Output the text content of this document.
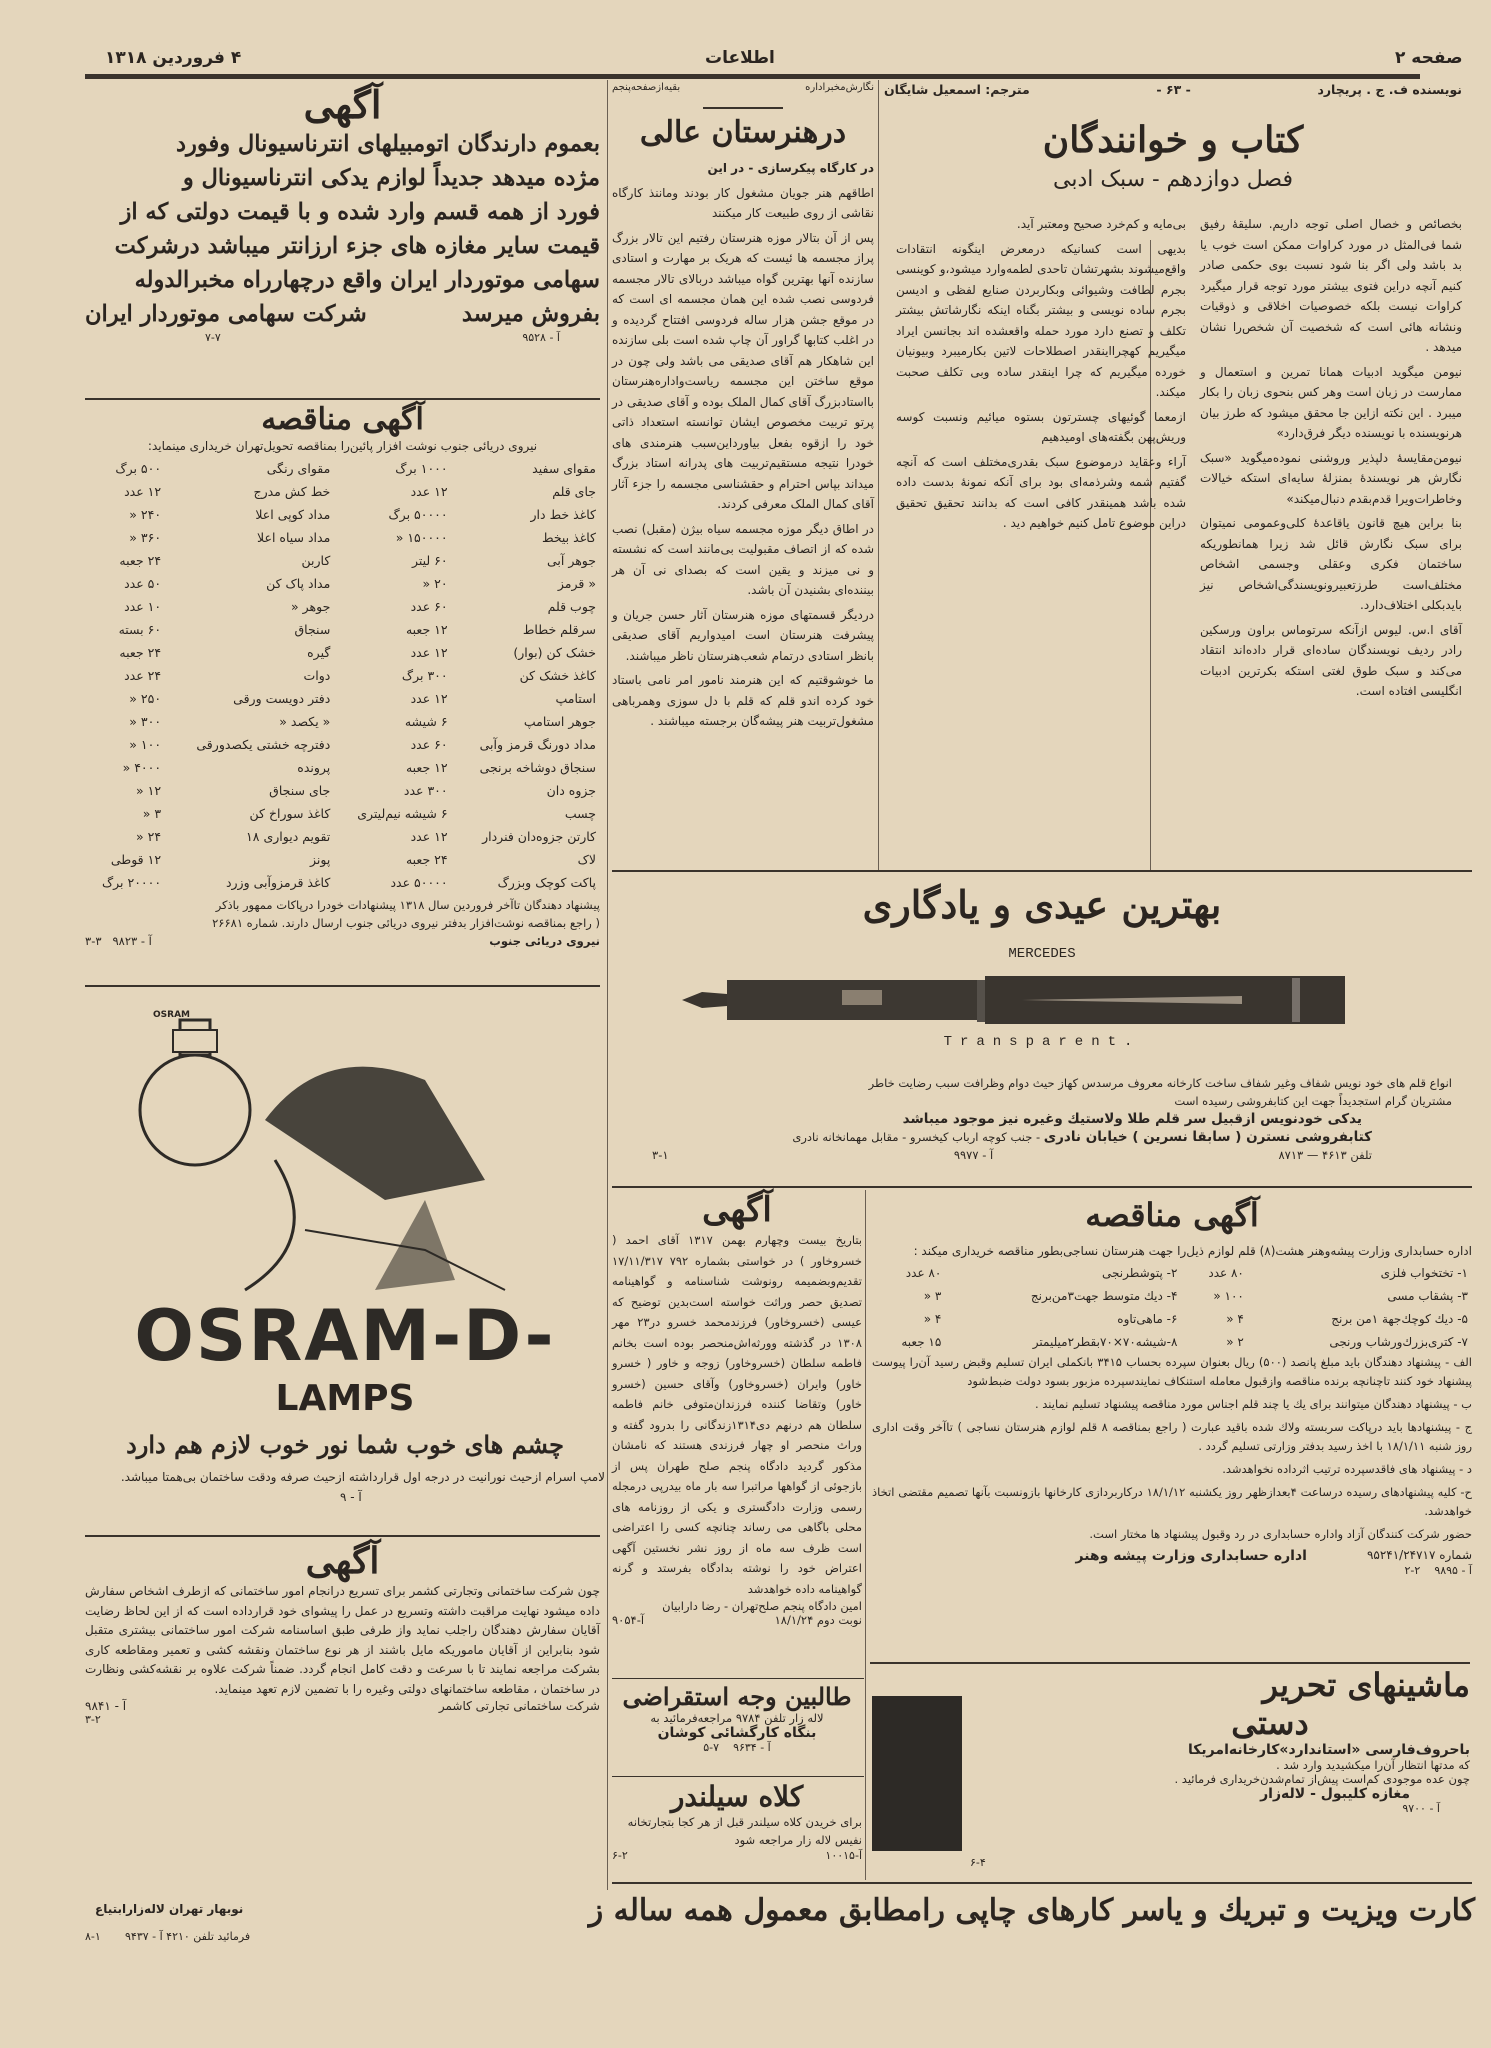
۴ فروردین ۱۳۱۸	اطلاعات	صفحه ۲
آگهی
بعموم دارندگان اتومبیلهای انترناسیونال وفورد
مژده میدهد جدیداً لوازم یدکی انترناسیونال و
فورد از همه قسم وارد شده و با قیمت دولتی که از
قیمت سایر مغازه های جزء ارزانتر میباشد درشرکت
سهامی موتوردار ایران واقع درچهارراه مخبرالدوله
بفروش میرسد
شرکت سهامی موتوردار ایران
آ - ۹۵۲۸
۷-۷
آگهی مناقصه
نیروی دریائی جنوب نوشت افزار پائین‌را بمناقصه تحویل‌تهران خریداری مینماید:
مقوای سفید	۱۰۰۰ برگ	مقوای رنگی	۵۰۰ برگ
جای قلم	۱۲ عدد	خط کش مدرج	۱۲ عدد
کاغذ خط دار	۵۰۰۰۰ برگ	مداد کوپی اعلا	۲۴۰ «
کاغذ بیخط	۱۵۰۰۰۰ «	مداد سیاه اعلا	۳۶۰ «
جوهر آبی	۶۰ لیتر	کاربن	۲۴ جعبه
« قرمز	۲۰ «	مداد پاک کن	۵۰ عدد
چوب قلم	۶۰ عدد	جوهر «	۱۰ عدد
سرقلم خطاط	۱۲ جعبه	سنجاق	۶۰ بسته
خشک کن (بوار)	۱۲ عدد	گیره	۲۴ جعبه
کاغذ خشک کن	۳۰۰ برگ	دوات	۲۴ عدد
استامپ	۱۲ عدد	دفتر دویست ورقی	۲۵۰ «
جوهر استامپ	۶ شیشه	« یکصد «	۳۰۰ «
مداد دورنگ قرمز وآبی	۶۰ عدد	دفترچه خشتی یکصدورقی	۱۰۰ «
سنجاق دوشاخه برنجی	۱۲ جعبه	پرونده	۴۰۰۰ «
جزوه دان	۳۰۰ عدد	جای سنجاق	۱۲ «
چسب	۶ شیشه نیم‌لیتری	کاغذ سوراخ کن	۳ «
کارتن جزوه‌دان فنردار	۱۲ عدد	تقویم دیواری ۱۸	۲۴ «
لاک	۲۴ جعبه	پونز	۱۲ قوطی
پاکت کوچک وبزرگ	۵۰۰۰۰ عدد	کاغذ قرمزوآبی وزرد	۲۰۰۰۰ برگ
پیشنهاد دهندگان تاآخر فروردین سال ۱۳۱۸ پیشنهادات خودرا درپاکات ممهور باذکر
( راجع بمناقصه نوشت‌افزار بدفتر نیروی دریائی جنوب ارسال دارند. شماره ۲۶۶۸۱
نیروی دریائی جنوب
آ - ۹۸۲۳   ۳-۳
OSRAM
OSRAM-D-
LAMPS
چشم های خوب شما نور خوب لازم هم دارد
لامپ اسرام ازحیث نورانیت در درجه اول قرارداشته ازحیث صرفه ودقت ساختمان بی‌همتا میباشد.
آ - ۹
آگهی
چون شرکت ساختمانی وتجارتی کشمر برای تسریع درانجام امور ساختمانی که ازطرف اشخاص سفارش داده میشود نهایت مراقبت داشته وتسریع در عمل را پیشوای خود قرارداده است که از این لحاظ رضایت آقایان سفارش دهندگان راجلب نماید واز طرفی طبق اساسنامه شرکت امور ساختمانی بیشتری متقبل شود بنابراین از آقایان ماموریکه مایل باشند از هر نوع ساختمان ونقشه کشی و تعمیر ومقاطعه کاری بشرکت مراجعه نمایند تا با سرعت و دقت کامل انجام گردد. ضمناً شرکت علاوه بر نقشه‌کشی ونظارت در ساختمان ، مقاطعه ساختمانهای دولتی وغیره را با تضمین لازم تعهد مینماید.
شرکت ساختمانی تجارتی کاشمر
آ - ۹۸۴۱
۳-۲
نگارش‌مخبراداره
بقیه‌ازصفحه‌پنجم
درهنرستان عالی

در کارگاه پیکرسازی - در این

اطاقهم هنر جویان مشغول کار بودند وماننذ کارگاه نقاشی از روی طبیعت کار میکنند

پس از آن بتالار موزه هنرستان رفتیم این تالار بزرگ پراز مجسمه ها ئیست که هریک بر مهارت و استادی سازنده آنها بهترین گواه میباشد دربالای تالار مجسمه فردوسی نصب شده این همان مجسمه ای است که در موقع جشن هزار ساله فردوسی افتتاح گردیده و در اغلب کتابها گراور آن چاپ شده است بلی سازنده این شاهکار هم آقای صدیقی می باشد ولی چون در موقع ساختن این مجسمه ریاست‌واداره‌هنرستان بااستادبزرگ آقای کمال الملک بوده و آقای صدیقی در پرتو تربیت مخصوص ایشان توانسته استعداد ذاتی خود را ازقوه بفعل بیاورداین‌سبب هنرمندی های خودرا نتیجه مستقیم‌تربیت های پدرانه استاد بزرگ میداند بپاس احترام و حقشناسی مجسمه را جزء آثار آقای کمال الملک معرفی کردند.

در اطاق دیگر موزه مجسمه سیاه بیژن (مقبل) نصب شده که از اتصاف مقبولیت بی‌مانند است که نشسته و نی میزند و یقین است که بصدای نی آن هر بیننده‌ای بشنیدن آن باشد.

دردیگر قسمتهای موزه هنرستان آثار حسن جریان و پیشرفت هنرستان است امیدواریم آقای صدیقی بانظر استادی درتمام شعب‌هنرستان ناظر میباشند.

ما خوشوقتیم که این هنرمند نامور امر نامی باستاد خود کرده اندو قلم که قلم با دل سوزی وهمرباهی مشغول‌تربیت هنر پیشه‌گان برجسته میباشند .

نویسنده ف. ج . پریچارد
- ۶۳ -
مترجم: اسمعیل شایگان
کتاب و خوانندگان
فصل دوازدهم - سبک ادبی

بخصائص و خصال اصلی توجه داریم. سلیقهٔ رفیق شما فی‌المثل در مورد کراوات ممکن است خوب یا بد باشد ولی اگر بنا شود نسبت بوی حکمی صادر کنیم آنچه دراین فتوی بیشتر مورد توجه قرار میگیرد کراوات نیست بلکه خصوصیات اخلاقی و ذوقیات ونشانه هائی است که شخصیت آن شخص‌را نشان میدهد .

نیومن میگوید ادبیات همانا تمرین و استعمال و ممارست در زبان است وهر کس بنحوی زبان را بکار میبرد . این نکته ازاین جا محقق میشود که طرز بیان هرنویسنده با نویسنده دیگر فرق‌دارد»

نیومن‌مقایسهٔ دلپذیر وروشنی نموده‌میگوید «سبک نگارش هر نویسندهٔ بمنزلهٔ سایه‌ای استکه خیالات وخاطرات‌ویرا قدم‌بقدم دنبال‌میکند»

بنا براین هیچ قانون یاقاعدهٔ کلی‌وعمومی نمیتوان برای سبک نگارش قائل شد زیرا همانطوریکه ساختمان فکری وعقلی وجسمی اشخاص مختلف‌است طرزتعبیرونویسندگی‌اشخاص نیز بایدبکلی اختلاف‌دارد.

آقای ا.س. لیوس ازآنکه سرتوماس براون ورسکین رادر ردیف نویسندگان ساده‌ای قرار داده‌اند انتقاد می‌کند و سبک طوق لغتی استکه بکرترین ادبیات انگلیسی افتاده است.

بی‌مایه و کم‌خرد صحیح ومعتبر آید.

بدیهی است کسانیکه درمعرض اینگونه انتقادات واقع‌میشوند بشهرتشان تاحدی لطمه‌وارد میشود،و کوینسی بجرم لطافت وشیوائی وبکاربردن صنایع لفظی و ادیسن بجرم ساده نویسی و بیشتر بگناه اینکه نگارشاتش بیشتر تکلف و تصنع دارد مورد حمله واقعشده اند بجانسن ایراد میگیریم کهچرااینقدر اصطلاحات لاتین بکارمیبرد وبیونیان خورده میگیریم که چرا اینقدر ساده وبی تکلف صحبت میکند.

ازمعما گوئیهای چسترتون بستوه میائیم ونسبت کوسه وریش‌پهن بگفته‌های اومیدهیم

آراء وعقاید درموضوع سبک بقدری‌مختلف است که آنچه گفتیم شمه وشرذمه‌ای بود برای آنکه نمونهٔ بدست داده شده باشد همینقدر کافی است که بدانند تحقیق تحقیق دراین موضوع تامل کنیم خواهیم دید .

بهترین عیدی و یادگاری
MERCEDES
Transparent.
انواع قلم های خود نویس شفاف وغیر شفاف ساخت کارخانه معروف مرسدس کهاز حیث دوام وظرافت سبب رضایت خاطر
مشتریان گرام استجدیداً جهت این کتابفروشی رسیده است
یدکی خودنویس ازقبیل سر قلم طلا ولاستیك وغیره نیز موجود میباشد
کتابفروشی نسترن ( سابقا نسرین ) خیابان نادری - جنب کوچه ارباب کیخسرو - مقابل مهمانخانه نادری
تلفن ۴۶۱۳ — ۸۷۱۳
آ - ۹۹۷۷
۳-۱
آگهی
بتاریخ بیست وچهارم بهمن ۱۳۱۷ آقای احمد ( خسروخاور ) در خواستی بشماره ۷۹۲ ‌۱۷/۱۱/۳۱۷ تقدیم‌وبضمیمه رونوشت شناسنامه و گواهینامه تصدیق حصر وراثت خواسته است‌بدین توضیح که عیسی (خسروخاور) فرزند‌محمد خسرو در۲۳ مهر ۱۳۰۸ در گذشته وورثه‌اش‌منحصر بوده است بخانم فاطمه سلطان (خسروخاور) زوجه و خاور ( خسرو خاور) وایران (خسروخاور) وآقای حسین (خسرو خاور) وتقاضا کننده فرزندان‌متوفی خانم فاطمه سلطان هم درنهم دی‌۱۳۱۴زندگانی را بدرود گفته و وراث منحصر او چهار فرزندی هستند که نامشان مذکور گردید دادگاه پنجم صلح طهران پس از بازجوئی از گواهها مراتبرا سه بار ماه بیدرپی درمجله رسمی وزارت دادگستری و یکی از روزنامه های محلی باگاهی می رساند چنانچه کسی را اعتراضی است ظرف سه ماه از روز نشر نخستین آگهی اعتراض خود را نوشته بدادگاه بفرستد و گرنه گواهینامه داده خواهدشد
امین دادگاه پنجم صلح‌تهران - رضا دارابیان
نوبت دوم ۱۸/۱/۲۴
آ-۹۰۵۴
طالبین وجه استقراضی
لاله زار تلفن ۹۷۸۴ مراجعه‌فرمائید به
بنگاه کارگشائی کوشان
آ - ۹۶۳۴    ۷-۵
کلاه سیلندر
برای خریدن کلاه سیلندر قبل از هر کجا بتجارتخانه نفیس لاله زار مراجعه شود
آ-۱۰۰۱۵
۶-۲
آگهی مناقصه
اداره حسابداری وزارت پیشه‌وهنر هشت(۸) قلم لوازم ذیل‌را جهت هنرستان نساجی‌بطور مناقصه خریداری میکند :
۱- تختخواب فلزی	۸۰ عدد	۲- پتوشطرنجی	۸۰ عدد
۳- پشقاب مسی	۱۰۰ «	۴- دیك متوسط جهت۳من‌برنج	۳ «
۵- دیك کوچك‌جهة ۱من برنج	۴ «	۶- ماهی‌تاوه	۴ «
۷- کتری‌بزرك‌ورشاب ورنجی	۲ «	۸-شیشه۷۰×۷۰بقطر۲میلیمتر	۱۵ جعبه

الف - پیشنهاد دهندگان باید مبلغ پانصد (۵۰۰) ریال بعنوان سپرده بحساب ۳۴۱۵ بانکملی ایران تسلیم وقبض رسید آن‌را پیوست پیشنهاد خود کنند تاچنانچه برنده مناقصه وازقبول معامله استنکاف نمایندسپرده مزبور بسود دولت ضبط‌شود

ب - پیشنهاد دهندگان میتوانند برای یك یا چند قلم اجناس مورد مناقصه پیشنهاد تسلیم نمایند .

ج - پیشنهادها باید درپاکت سربسته ولاك شده باقید عبارت ( راجع بمناقصه ۸ قلم لوازم هنرستان نساجی ) تاآخر وقت اداری روز شنبه ۱۸/۱/۱۱ با اخذ رسید بدفتر وزارتی تسلیم گردد .

د - پیشنهاد های فاقدسپرده ترتیب اثرداده نخواهدشد.

ح- کلیه پیشنهادهای رسیده درساعت ۴بعدازظهر روز یکشنبه ۱۸/۱/۱۲ درکاربردازی کارخانها بازونسبت بآنها تصمیم مقتضی اتخاذ خواهدشد.

حضور شرکت کنندگان آزاد واداره حسابداری در رد وقبول پیشنهاد ها مختار است.

شماره ۹۵۲۴۱/۲۴۷۱۷
اداره حسابداری وزارت پیشه وهنر
آ - ۹۸۹۵    ۲-۲
ماشینهای تحریر
دستی
باحروف‌فارسی «استاندارد»کارخانه‌امریکا
که مدتها انتظار آن‌را میکشیدید وارد شد .
چون عده موجودی کم‌است پیش‌از تمام‌شدن‌خریداری فرمائید .
مغازه کلیبول - لاله‌زار
آ - ۹۷۰۰
۶-۴
کارت ویزیت و تبریك و یاسر کارهای چاپی رامطابق معمول همه ساله ز
نوبهار تهران لاله‌زارابتياع
فرمائید تلفن ۴۲۱۰ آ - ۹۴۳۷
۸-۱
